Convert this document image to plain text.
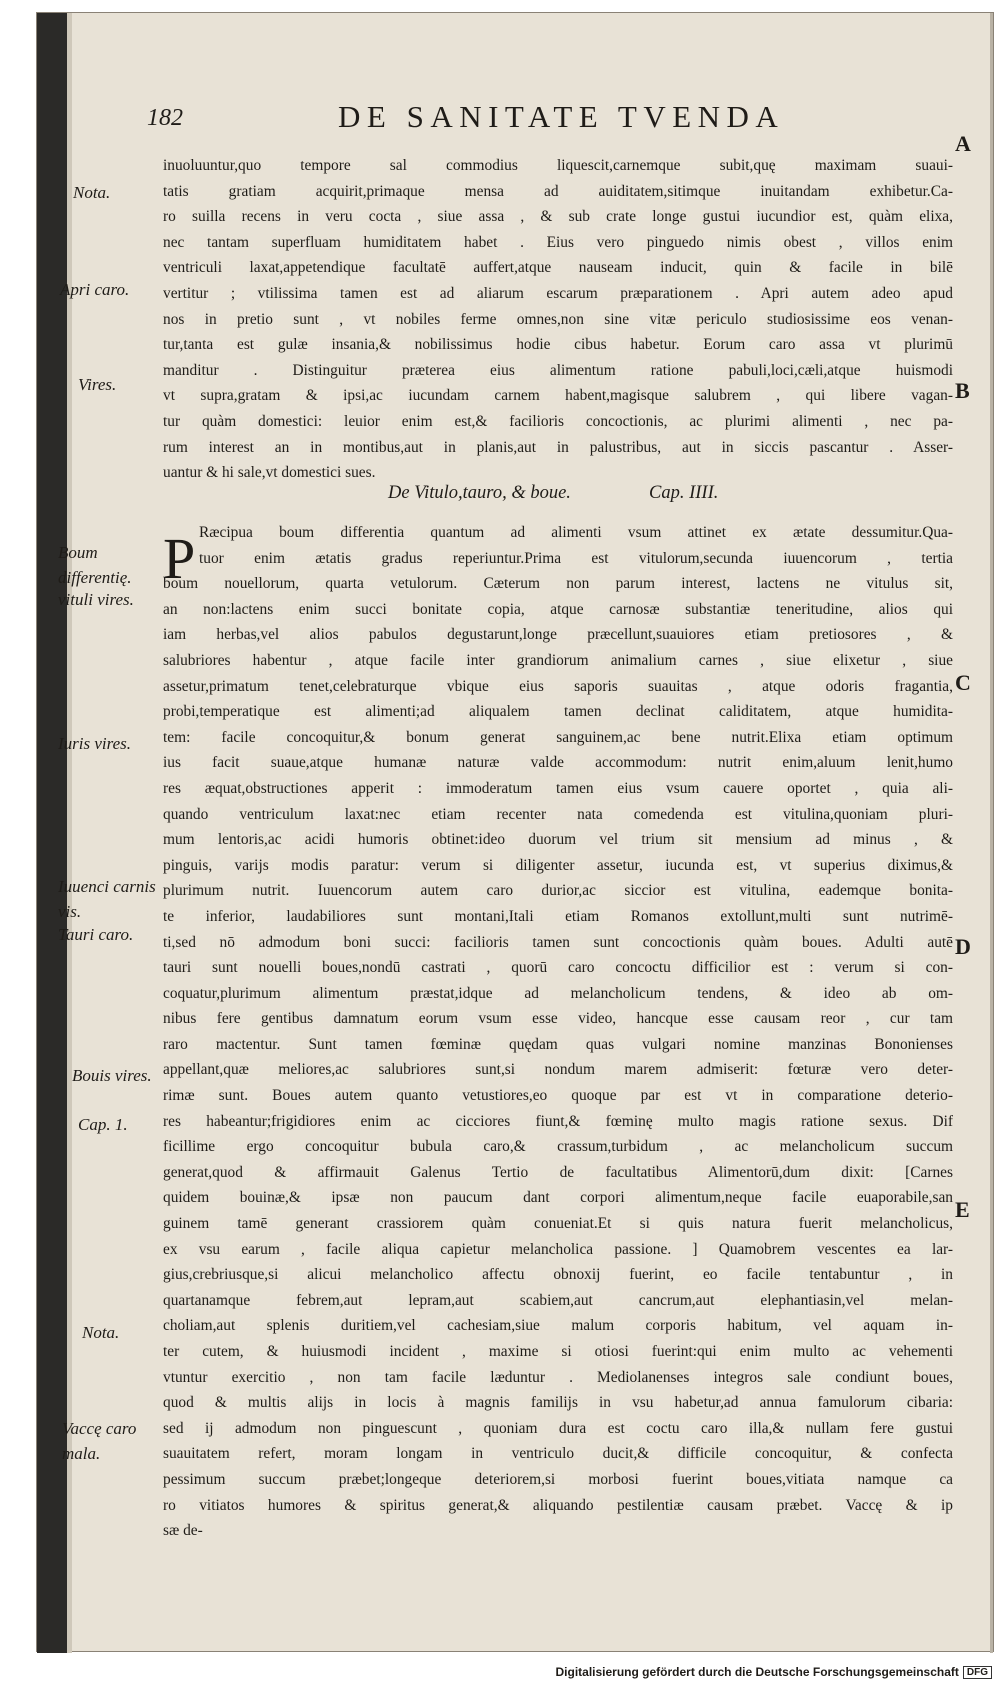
182	DE SANITATE TVENDA
A
B
C
D
E
Nota.
Apri caro.
Vires.
Boum differentię.
vituli vires.
Iuris vires.
Iuuenci carnis vis.
Tauri caro.
Bouis vires.
Cap. 1.
Nota.
Vaccę caro mala.
inuoluuntur,quo tempore sal commodius liquescit,carnemque subit,quę maximam suaui-
tatis gratiam acquirit,primaque mensa ad auiditatem,sitimque inuitandam exhibetur.Ca-
ro suilla recens in veru cocta , siue assa , & sub crate longe gustui iucundior est, quàm elixa,
nec tantam superfluam humiditatem habet . Eius vero pinguedo nimis obest , villos enim
ventriculi laxat,appetendique facultatē auffert,atque nauseam inducit, quin & facile in bilē
vertitur ; vtilissima tamen est ad aliarum escarum præparationem . Apri autem adeo apud
nos in pretio sunt , vt nobiles ferme omnes,non sine vitæ periculo studiosissime eos venan-
tur,tanta est gulæ insania,& nobilissimus hodie cibus habetur. Eorum caro assa vt plurimū
manditur . Distinguitur præterea eius alimentum ratione pabuli,loci,cæli,atque huismodi
vt supra,gratam & ipsi,ac iucundam carnem habent,magisque salubrem , qui libere vagan-
tur quàm domestici: leuior enim est,& facilioris concoctionis, ac plurimi alimenti , nec pa-
rum interest an in montibus,aut in planis,aut in palustribus, aut in siccis pascantur . Asser-
uantur & hi sale,vt domestici sues.
De Vitulo,tauro, & boue.	Cap. IIII.
P Ræcipua boum differentia quantum ad alimenti vsum attinet ex ætate dessumitur.Qua-
tuor enim ætatis gradus reperiuntur.Prima est vitulorum,secunda iuuencorum , tertia
boum nouellorum, quarta vetulorum. Cæterum non parum interest, lactens ne vitulus sit,
an non:lactens enim succi bonitate copia, atque carnosæ substantiæ teneritudine, alios qui
iam herbas,vel alios pabulos degustarunt,longe præcellunt,suauiores etiam pretiosores , &
salubriores habentur , atque facile inter grandiorum animalium carnes , siue elixetur , siue
assetur,primatum tenet,celebraturque vbique eius saporis suauitas , atque odoris fragantia,
probi,temperatique est alimenti;ad aliqualem tamen declinat caliditatem, atque humidita-
tem: facile concoquitur,& bonum generat sanguinem,ac bene nutrit.Elixa etiam optimum
ius facit suaue,atque humanæ naturæ valde accommodum: nutrit enim,aluum lenit,humo
res æquat,obstructiones apperit : immoderatum tamen eius vsum cauere oportet , quia ali-
quando ventriculum laxat:nec etiam recenter nata comedenda est vitulina,quoniam pluri-
mum lentoris,ac acidi humoris obtinet:ideo duorum vel trium sit mensium ad minus , &
pinguis, varijs modis paratur: verum si diligenter assetur, iucunda est, vt superius diximus,&
plurimum nutrit. Iuuencorum autem caro durior,ac siccior est vitulina, eademque bonita-
te inferior, laudabiliores sunt montani,Itali etiam Romanos extollunt,multi sunt nutrimē-
ti,sed nō admodum boni succi: facilioris tamen sunt concoctionis quàm boues. Adulti autē
tauri sunt nouelli boues,nondū castrati , quorū caro concoctu difficilior est : verum si con-
coquatur,plurimum alimentum præstat,idque ad melancholicum tendens, & ideo ab om-
nibus fere gentibus damnatum eorum vsum esse video, hancque esse causam reor , cur tam
raro mactentur. Sunt tamen fœminæ quędam quas vulgari nomine manzinas Bononienses
appellant,quæ meliores,ac salubriores sunt,si nondum marem admiserit: fœturæ vero deter-
rimæ sunt. Boues autem quanto vetustiores,eo quoque par est vt in comparatione deterio-
res habeantur;frigidiores enim ac cicciores fiunt,& fœminę multo magis ratione sexus. Dif
ficillime ergo concoquitur bubula caro,& crassum,turbidum , ac melancholicum succum
generat,quod & affirmauit Galenus Tertio de facultatibus Alimentorū,dum dixit: [Carnes
quidem bouinæ,& ipsæ non paucum dant corpori alimentum,neque facile euaporabile,san
guinem tamē generant crassiorem quàm conueniat.Et si quis natura fuerit melancholicus,
ex vsu earum , facile aliqua capietur melancholica passione. ] Quamobrem vescentes ea lar-
gius,crebriusque,si alicui melancholico affectu obnoxij fuerint, eo facile tentabuntur , in
quartanamque febrem,aut lepram,aut scabiem,aut cancrum,aut elephantiasin,vel melan-
choliam,aut splenis duritiem,vel cachesiam,siue malum corporis habitum, vel aquam in-
ter cutem, & huiusmodi incident , maxime si otiosi fuerint:qui enim multo ac vehementi
vtuntur exercitio , non tam facile læduntur . Mediolanenses integros sale condiunt boues,
quod & multis alijs in locis à magnis familijs in vsu habetur,ad annua famulorum cibaria:
sed ij admodum non pinguescunt , quoniam dura est coctu caro illa,& nullam fere gustui
suauitatem refert, moram longam in ventriculo ducit,& difficile concoquitur, & confecta
pessimum succum præbet;longeque deteriorem,si morbosi fuerint boues,vitiata namque ca
ro vitiatos humores & spiritus generat,& aliquando pestilentiæ causam præbet. Vaccę & ip
sæ de-
Digitalisierung gefördert durch die Deutsche Forschungsgemeinschaft DFG
